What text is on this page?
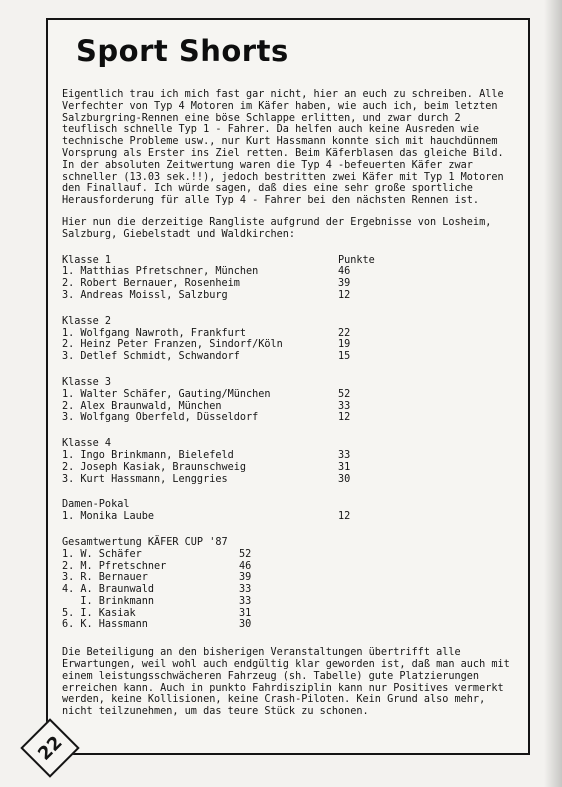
Sport Shorts

Eigentlich trau ich mich fast gar nicht, hier an euch zu schreiben. Alle Verfechter von Typ 4 Motoren im Käfer haben, wie auch ich, beim letzten Salzburgring-Rennen eine böse Schlappe erlitten, und zwar durch 2 teuflisch schnelle Typ 1 - Fahrer. Da helfen auch keine Ausreden wie technische Probleme usw., nur Kurt Hassmann konnte sich mit hauchdünnem Vorsprung als Erster ins Ziel retten. Beim Käferblasen das gleiche Bild. In der absoluten Zeitwertung waren die Typ 4 -befeuerten Käfer zwar schneller (13.03 sek.!!), jedoch bestritten zwei Käfer mit Typ 1 Motoren den Finallauf. Ich würde sagen, daß dies eine sehr große sportliche Herausforderung für alle Typ 4 - Fahrer bei den nächsten Rennen ist.

Hier nun die derzeitige Rangliste aufgrund der Ergebnisse von Losheim, Salzburg, Giebelstadt und Waldkirchen:

Klasse 1	Punkte
1. Matthias Pfretschner, München	46
2. Robert Bernauer, Rosenheim	39
3. Andreas Moissl, Salzburg	12
Klasse 2
1. Wolfgang Nawroth, Frankfurt	22
2. Heinz Peter Franzen, Sindorf/Köln	19
3. Detlef Schmidt, Schwandorf	15
Klasse 3
1. Walter Schäfer, Gauting/München	52
2. Alex Braunwald, München	33
3. Wolfgang Oberfeld, Düsseldorf	12
Klasse 4
1. Ingo Brinkmann, Bielefeld	33
2. Joseph Kasiak, Braunschweig	31
3. Kurt Hassmann, Lenggries	30
Damen-Pokal
1. Monika Laube	12
Gesamtwertung KÄFER CUP '87
1. W. Schäfer	52
2. M. Pfretschner	46
3. R. Bernauer	39
4. A. Braunwald	33
I. Brinkmann	33
5. I. Kasiak	31
6. K. Hassmann	30

Die Beteiligung an den bisherigen Veranstaltungen übertrifft alle Erwartungen, weil wohl auch endgültig klar geworden ist, daß man auch mit einem leistungsschwächeren Fahrzeug (sh. Tabelle) gute Platzierungen erreichen kann. Auch in punkto Fahrdisziplin kann nur Positives vermerkt werden, keine Kollisionen, keine Crash-Piloten. Kein Grund also mehr, nicht teilzunehmen, um das teure Stück zu schonen.

22
